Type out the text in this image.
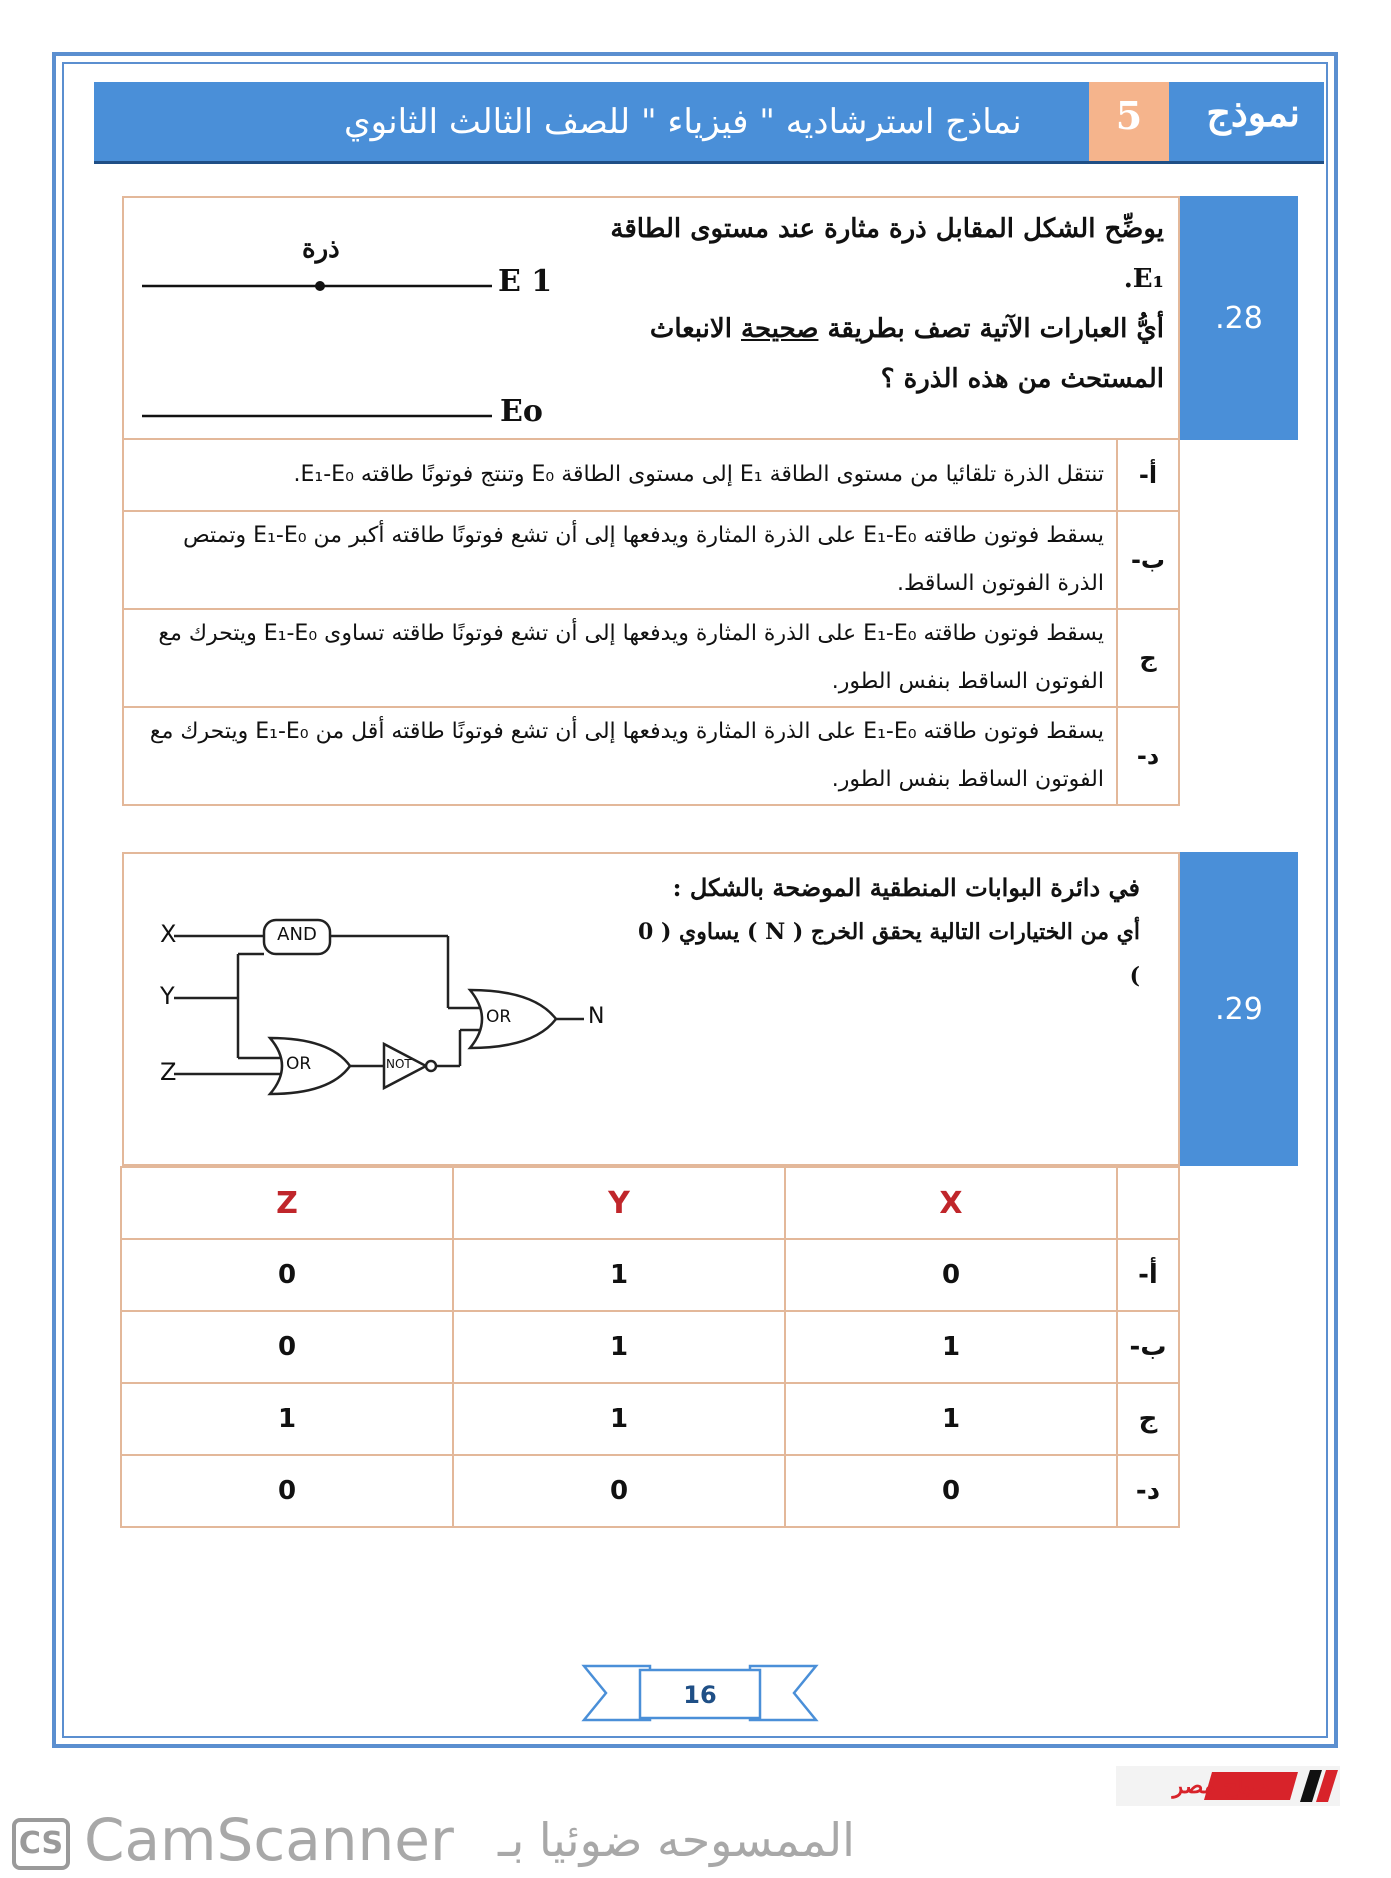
5	نموذج
نماذج استرشاديه " فيزياء " للصف الثالث الثانوي
ذرة
E 1
Eo
يوضِّح الشكل المقابل ذرة مثارة عند مستوى الطاقة E₁.
أيُّ العبارات الآتية تصف بطريقة صحيحة الانبعاث
المستحث من هذه الذرة ؟
.28
أ-	تنتقل الذرة تلقائيا من مستوى الطاقة E₁ إلى مستوى الطاقة E₀ وتنتج فوتونًا طاقته E₁-E₀.
ب-	يسقط فوتون طاقته E₁-E₀ على الذرة المثارة ويدفعها إلى أن تشع فوتونًا طاقته أكبر من E₁-E₀ وتمتص الذرة الفوتون الساقط.
ج	يسقط فوتون طاقته E₁-E₀ على الذرة المثارة ويدفعها إلى أن تشع فوتونًا طاقته تساوى E₁-E₀ ويتحرك مع الفوتون الساقط بنفس الطور.
د-	يسقط فوتون طاقته E₁-E₀ على الذرة المثارة ويدفعها إلى أن تشع فوتونًا طاقته أقل من E₁-E₀ ويتحرك مع الفوتون الساقط بنفس الطور.
X
Y
Z
AND
OR	NOT
OR	N
في دائرة البوابات المنطقية الموضحة بالشكل :
أي من الختيارات التالية يحقق الخرج ( N ) يساوي ( 0 )
.29
	X	Y	Z
أ-	0	1	0
ب-	1	1	0
ج	1	1	1
د-	0	0	0
16
صباح مصر
CS CamScanner الممسوحه ضوئيا بـ
